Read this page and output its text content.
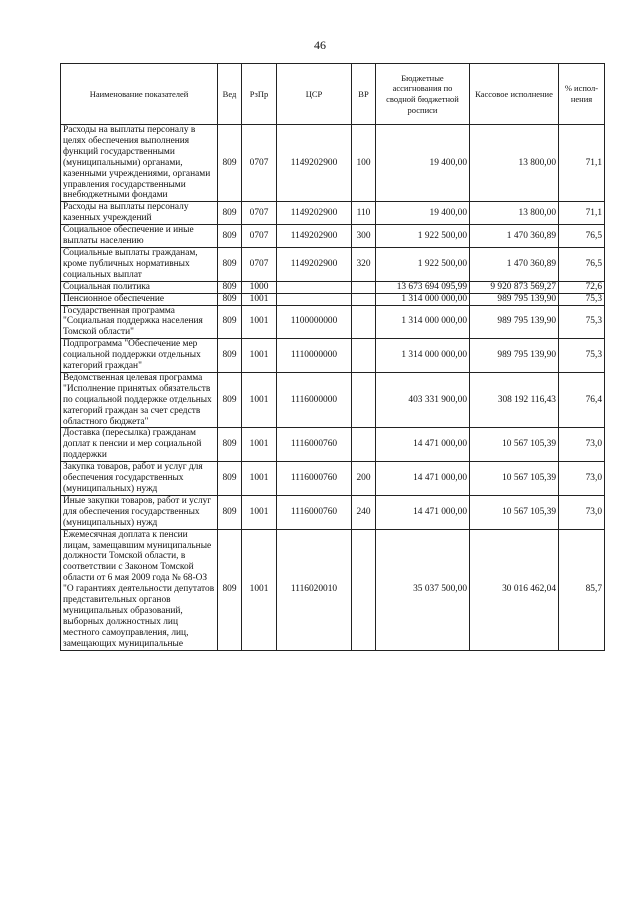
46
Наименование показателей	Вед	РзПр	ЦСР	ВР	Бюджетные ассигнования по сводной бюджетной росписи	Кассовое исполнение	% испол-нения
Расходы на выплаты персоналу в целях обеспечения выполнения функций государственными (муниципальными) органами, казенными учреждениями, органами управления государственными внебюджетными фондами	809	0707	1149202900	100	19 400,00	13 800,00	71,1
Расходы на выплаты персоналу казенных учреждений	809	0707	1149202900	110	19 400,00	13 800,00	71,1
Социальное обеспечение и иные выплаты населению	809	0707	1149202900	300	1 922 500,00	1 470 360,89	76,5
Социальные выплаты гражданам, кроме публичных нормативных социальных выплат	809	0707	1149202900	320	1 922 500,00	1 470 360,89	76,5
Социальная политика	809	1000			13 673 694 095,99	9 920 873 569,27	72,6
Пенсионное обеспечение	809	1001			1 314 000 000,00	989 795 139,90	75,3
Государственная программа "Социальная поддержка населения Томской области"	809	1001	1100000000		1 314 000 000,00	989 795 139,90	75,3
Подпрограмма "Обеспечение мер социальной поддержки отдельных категорий граждан"	809	1001	1110000000		1 314 000 000,00	989 795 139,90	75,3
Ведомственная целевая программа "Исполнение принятых обязательств по социальной поддержке отдельных категорий граждан за счет средств областного бюджета"	809	1001	1116000000		403 331 900,00	308 192 116,43	76,4
Доставка (пересылка) гражданам доплат к пенсии и мер социальной поддержки	809	1001	1116000760		14 471 000,00	10 567 105,39	73,0
Закупка товаров, работ и услуг для обеспечения государственных (муниципальных) нужд	809	1001	1116000760	200	14 471 000,00	10 567 105,39	73,0
Иные закупки товаров, работ и услуг для обеспечения государственных (муниципальных) нужд	809	1001	1116000760	240	14 471 000,00	10 567 105,39	73,0
Ежемесячная доплата к пенсии лицам, замещавшим муниципальные должности Томской области, в соответствии с Законом Томской области от 6 мая 2009 года № 68-ОЗ "О гарантиях деятельности депутатов представительных органов муниципальных образований, выборных должностных лиц местного самоуправления, лиц, замещающих муниципальные	809	1001	1116020010		35 037 500,00	30 016 462,04	85,7
